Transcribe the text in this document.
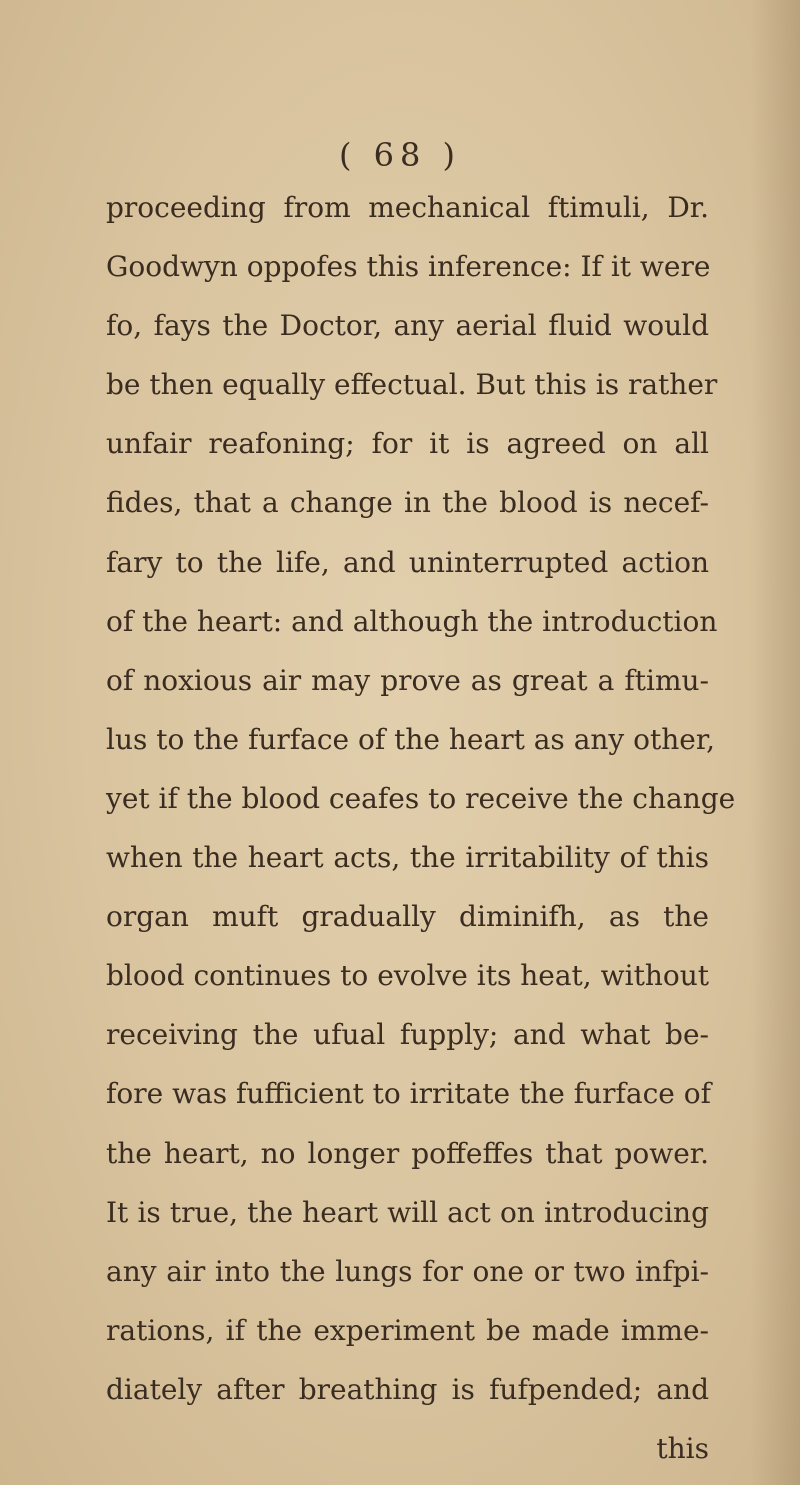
( 68 )
proceeding from mechanical ftimuli, Dr.
Goodwyn oppofes this inference: If it were
fo, fays the Doctor, any aerial fluid would
be then equally effectual. But this is rather
unfair reafoning; for it is agreed on all
fides, that a change in the blood is necef-
fary to the life, and uninterrupted action
of the heart: and although the introduction
of noxious air may prove as great a ftimu-
lus to the furface of the heart as any other,
yet if the blood ceafes to receive the change
when the heart acts, the irritability of this
organ muft gradually diminifh, as the
blood continues to evolve its heat, without
receiving the ufual fupply; and what be-
fore was fufficient to irritate the furface of
the heart, no longer poffeffes that power.
It is true, the heart will act on introducing
any air into the lungs for one or two infpi-
rations, if the experiment be made imme-
diately after breathing is fufpended; and
this
